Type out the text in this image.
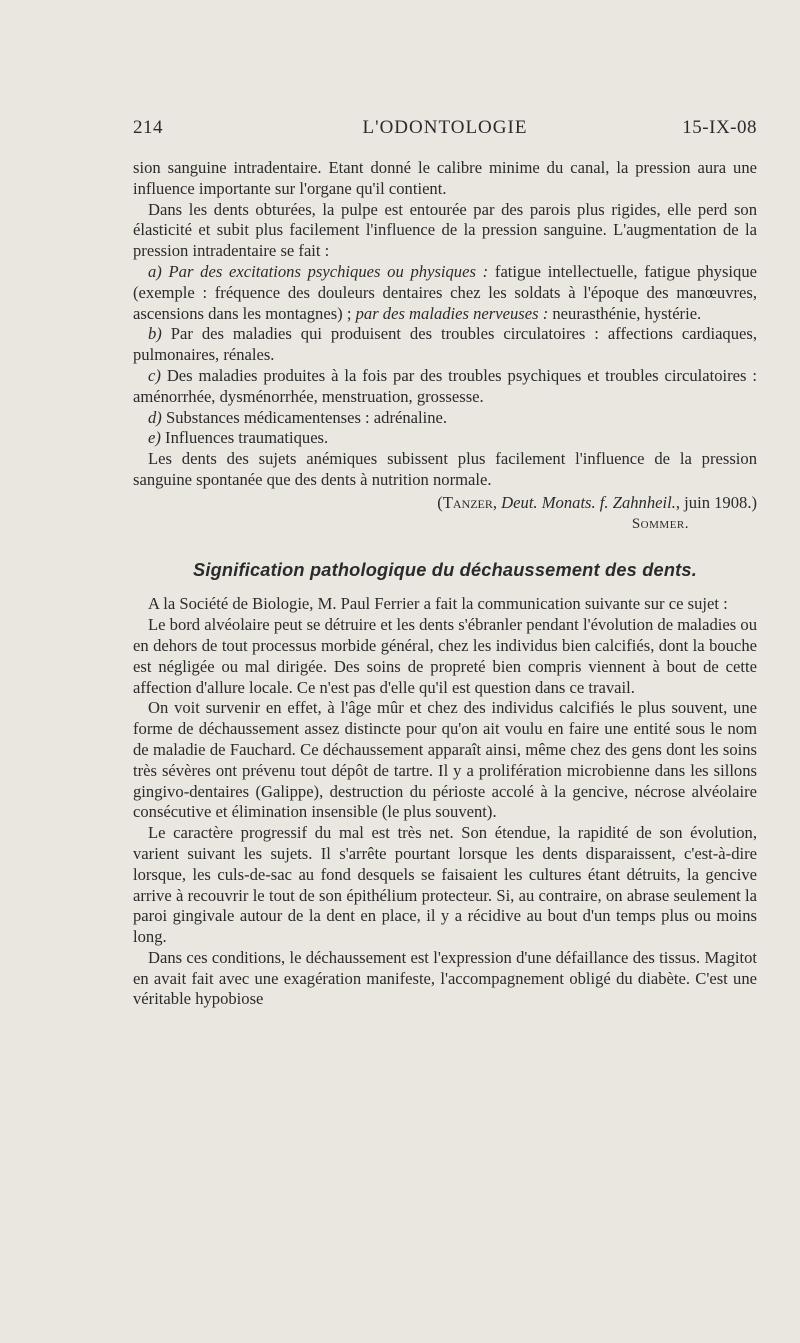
214	L'ODONTOLOGIE	15-IX-08

sion sanguine intradentaire. Etant donné le calibre minime du canal, la pression aura une influence importante sur l'organe qu'il contient.

Dans les dents obturées, la pulpe est entourée par des parois plus rigides, elle perd son élasticité et subit plus facilement l'influence de la pression sanguine. L'augmentation de la pression intradentaire se fait :

a) Par des excitations psychiques ou physiques : fatigue intellectuelle, fatigue physique (exemple : fréquence des douleurs dentaires chez les soldats à l'époque des manœuvres, ascensions dans les montagnes) ; par des maladies nerveuses : neurasthénie, hystérie.

b) Par des maladies qui produisent des troubles circulatoires : affections cardiaques, pulmonaires, rénales.

c) Des maladies produites à la fois par des troubles psychiques et troubles circulatoires : aménorrhée, dysménorrhée, menstruation, grossesse.

d) Substances médicamentenses : adrénaline.

e) Influences traumatiques.

Les dents des sujets anémiques subissent plus facilement l'influence de la pression sanguine spontanée que des dents à nutrition normale.

(Tanzer, Deut. Monats. f. Zahnheil., juin 1908.)
Sommer.
Signification pathologique du déchaussement des dents.

A la Société de Biologie, M. Paul Ferrier a fait la communication suivante sur ce sujet :

Le bord alvéolaire peut se détruire et les dents s'ébranler pendant l'évolution de maladies ou en dehors de tout processus morbide général, chez les individus bien calcifiés, dont la bouche est négligée ou mal dirigée. Des soins de propreté bien compris viennent à bout de cette affection d'allure locale. Ce n'est pas d'elle qu'il est question dans ce travail.

On voit survenir en effet, à l'âge mûr et chez des individus calcifiés le plus souvent, une forme de déchaussement assez distincte pour qu'on ait voulu en faire une entité sous le nom de maladie de Fauchard. Ce déchaussement apparaît ainsi, même chez des gens dont les soins très sévères ont prévenu tout dépôt de tartre. Il y a prolifération microbienne dans les sillons gingivo-dentaires (Galippe), destruction du périoste accolé à la gencive, nécrose alvéolaire consécutive et élimination insensible (le plus souvent).

Le caractère progressif du mal est très net. Son étendue, la rapidité de son évolution, varient suivant les sujets. Il s'arrête pourtant lorsque les dents disparaissent, c'est-à-dire lorsque, les culs-de-sac au fond desquels se faisaient les cultures étant détruits, la gencive arrive à recouvrir le tout de son épithélium protecteur. Si, au contraire, on abrase seulement la paroi gingivale autour de la dent en place, il y a récidive au bout d'un temps plus ou moins long.

Dans ces conditions, le déchaussement est l'expression d'une défaillance des tissus. Magitot en avait fait avec une exagération manifeste, l'accompagnement obligé du diabète. C'est une véritable hypobiose
